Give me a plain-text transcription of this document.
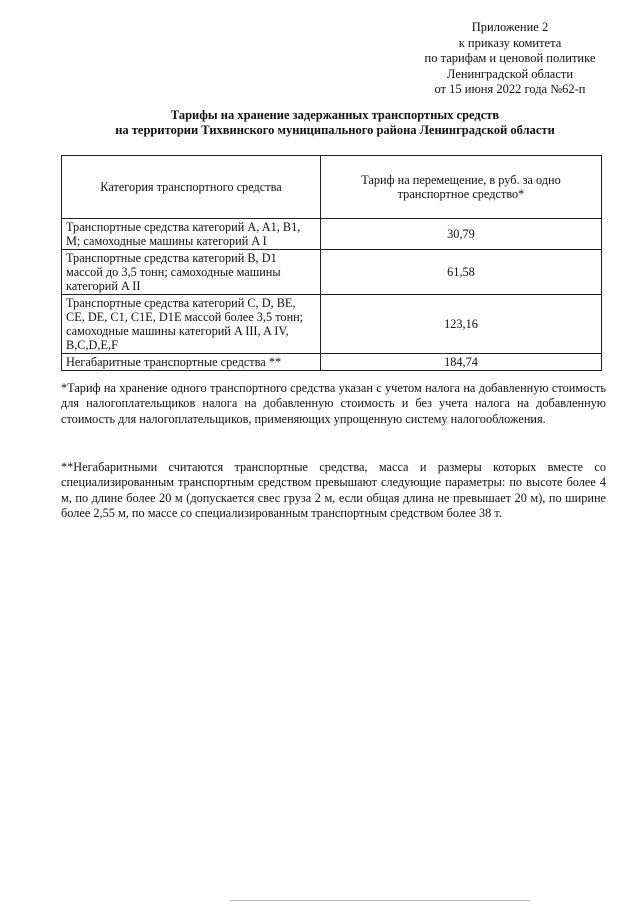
Приложение 2
к приказу комитета
по тарифам и ценовой политике
Ленинградской области
от 15 июня 2022 года №62-п
Тарифы на хранение задержанных транспортных средств
на территории Тихвинского муниципального района Ленинградской области
Категория транспортного средства	Тариф на перемещение, в руб. за одно транспортное средство*
Транспортные средства категорий A, A1, B1, M; самоходные машины категорий A I	30,79
Транспортные средства категорий B, D1 массой до 3,5 тонн; самоходные машины категорий A II	61,58
Транспортные средства категорий C, D, BE, CE, DE, C1, C1E, D1E массой более 3,5 тонн; самоходные машины категорий A III, A IV, B,C,D,E,F	123,16
Негабаритные транспортные средства **	184,74
*Тариф на хранение одного транспортного средства указан с учетом налога на добавленную стоимость для налогоплательщиков налога на добавленную стоимость и без учета налога на добавленную стоимость для налогоплательщиков, применяющих упрощенную систему налогообложения.
**Негабаритными считаются транспортные средства, масса и размеры которых вместе со специализированным транспортным средством превышают следующие параметры: по высоте более 4 м, по длине более 20 м (допускается свес груза 2 м, если общая длина не превышает 20 м), по ширине более 2,55 м, по массе со специализированным транспортным средством более 38 т.
